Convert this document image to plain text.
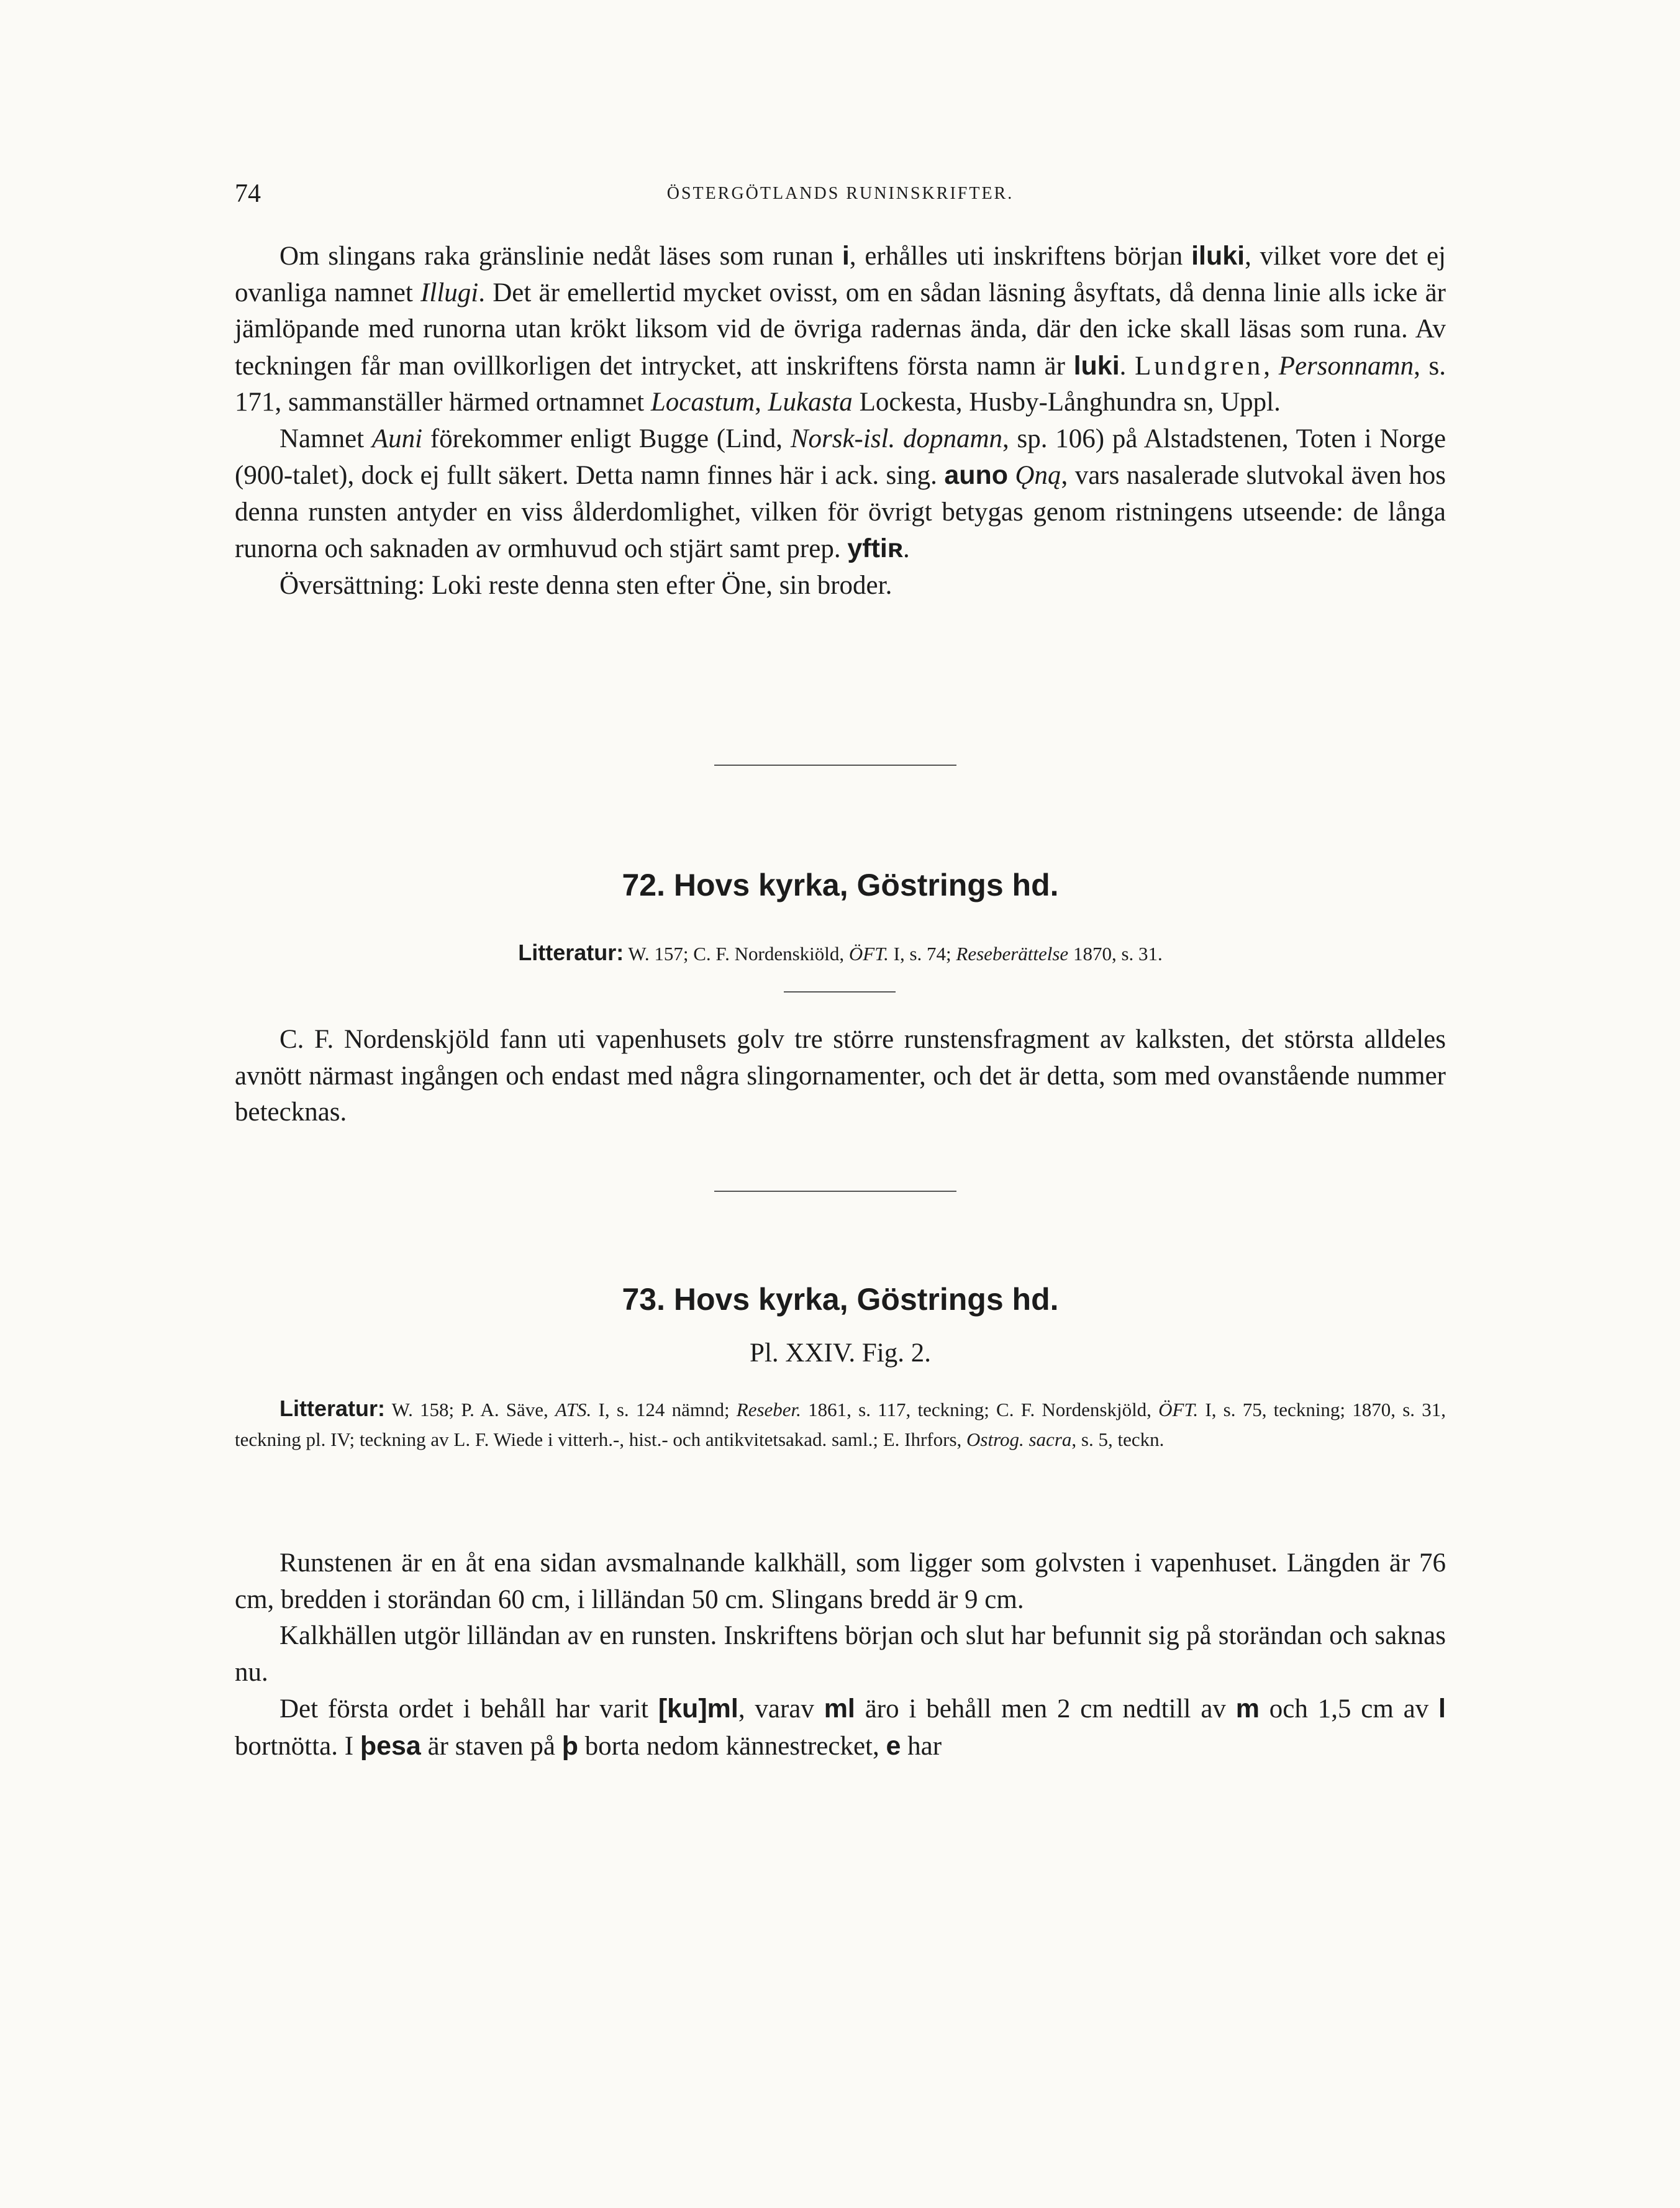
74	ÖSTERGÖTLANDS RUNINSKRIFTER.

Om slingans raka gränslinie nedåt läses som runan i, erhålles uti inskriftens början iluki, vilket vore det ej ovanliga namnet Illugi. Det är emellertid mycket ovisst, om en sådan läsning åsyftats, då denna linie alls icke är jämlöpande med runorna utan krökt liksom vid de övriga radernas ända, där den icke skall läsas som runa. Av teckningen får man ovillkorligen det intrycket, att inskriftens första namn är luki. Lundgren, Personnamn, s. 171, sammanställer härmed ortnamnet Locastum, Lukasta Lockesta, Husby-Långhundra sn, Uppl.

Namnet Auni förekommer enligt Bugge (Lind, Norsk-isl. dopnamn, sp. 106) på Alstadstenen, Toten i Norge (900-talet), dock ej fullt säkert. Detta namn finnes här i ack. sing. auno Ǫną, vars nasalerade slutvokal även hos denna runsten antyder en viss ålderdomlighet, vilken för övrigt betygas genom ristningens utseende: de långa runorna och saknaden av ormhuvud och stjärt samt prep. yftiʀ.

Översättning: Loki reste denna sten efter Öne, sin broder.

72. Hovs kyrka, Göstrings hd.
Litteratur: W. 157; C. F. Nordenskiöld, ÖFT. I, s. 74; Reseberättelse 1870, s. 31.

C. F. Nordenskjöld fann uti vapenhusets golv tre större runstensfragment av kalksten, det största alldeles avnött närmast ingången och endast med några slingornamenter, och det är detta, som med ovanstående nummer betecknas.

73. Hovs kyrka, Göstrings hd.
Pl. XXIV. Fig. 2.
Litteratur: W. 158; P. A. Säve, ATS. I, s. 124 nämnd; Reseber. 1861, s. 117, teckning; C. F. Nordenskjöld, ÖFT. I, s. 75, teckning; 1870, s. 31, teckning pl. IV; teckning av L. F. Wiede i vitterh.-, hist.- och antikvitetsakad. saml.; E. Ihrfors, Ostrog. sacra, s. 5, teckn.

Runstenen är en åt ena sidan avsmalnande kalkhäll, som ligger som golvsten i vapenhuset. Längden är 76 cm, bredden i storändan 60 cm, i lilländan 50 cm. Slingans bredd är 9 cm.

Kalkhällen utgör lilländan av en runsten. Inskriftens början och slut har befunnit sig på storändan och saknas nu.

Det första ordet i behåll har varit [ku]ml, varav ml äro i behåll men 2 cm nedtill av m och 1,5 cm av l bortnötta. I þesa är staven på þ borta nedom kännestrecket, e har
